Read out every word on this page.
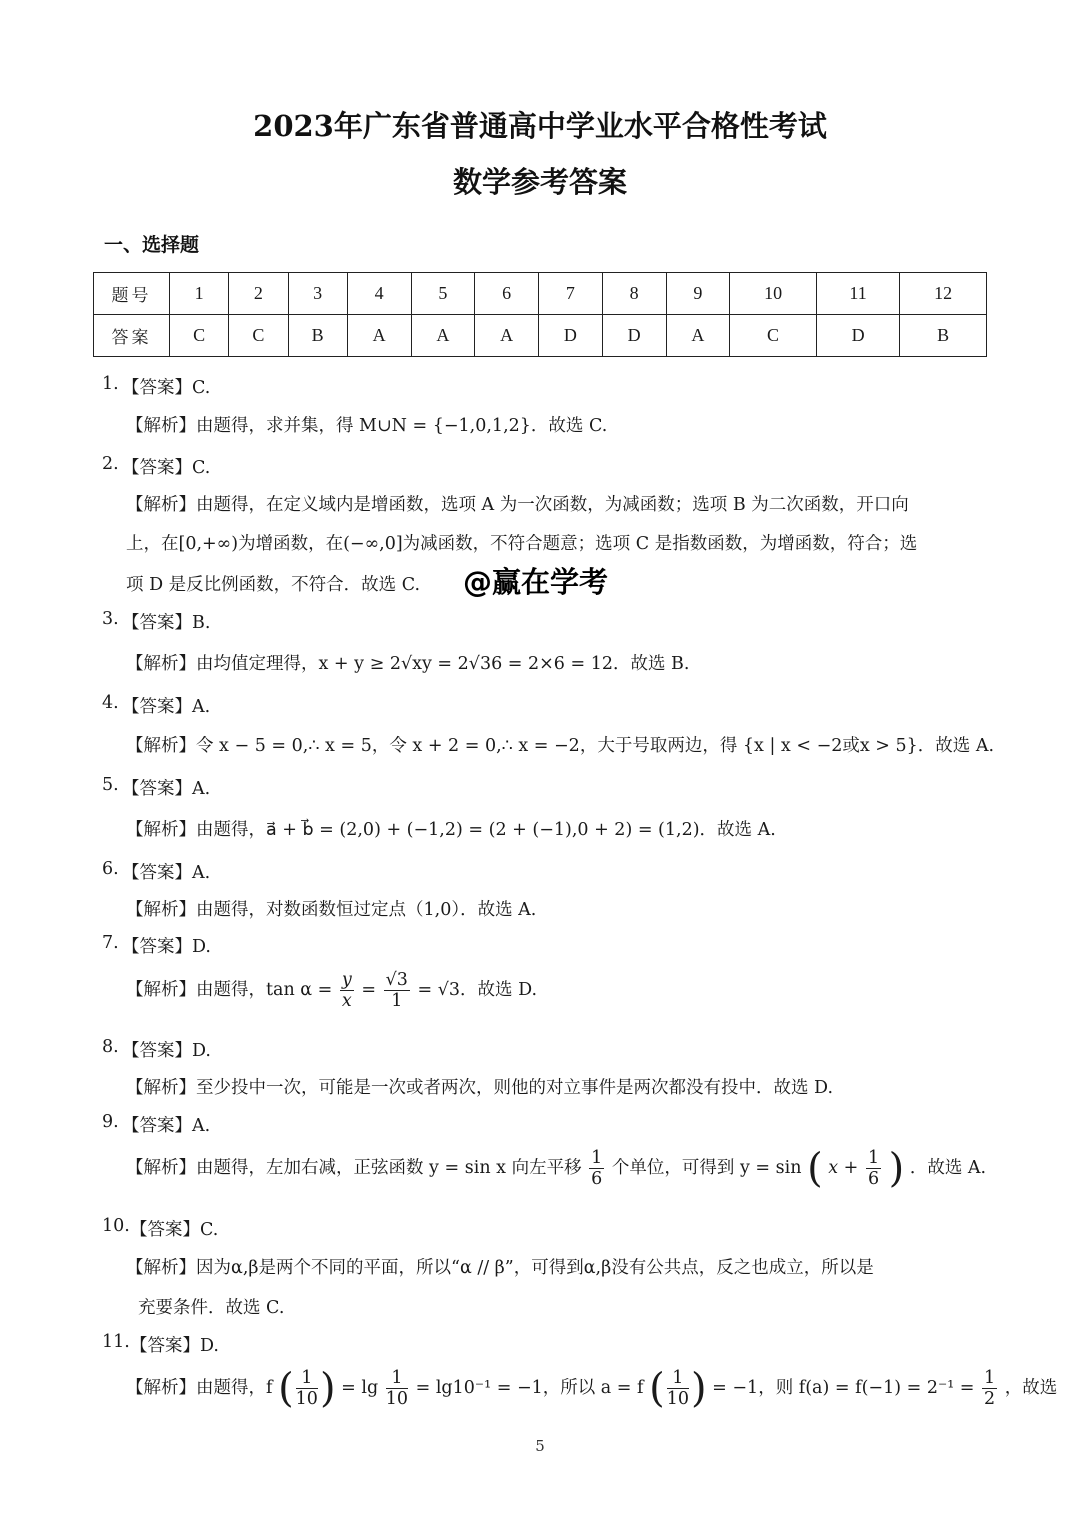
2023年广东省普通高中学业水平合格性考试
数学参考答案
一、选择题
题号	1	2	3	4	5	6	7	8	9	10	11	12
答案	C	C	B	A	A	A	D	D	A	C	D	B
1. 【答案】C.
【解析】由题得，求并集，得 M∪N = {−1,0,1,2}．故选 C.
2. 【答案】C.
【解析】由题得，在定义域内是增函数，选项 A 为一次函数，为减函数；选项 B 为二次函数，开口向
上，在[0,+∞)为增函数，在(−∞,0]为减函数，不符合题意；选项 C 是指数函数，为增函数，符合；选
项 D 是反比例函数，不符合．故选 C. @赢在学考
3. 【答案】B.
【解析】由均值定理得，x + y ≥ 2√xy = 2√36 = 2×6 = 12．故选 B.
4. 【答案】A.
【解析】令 x − 5 = 0,∴ x = 5，令 x + 2 = 0,∴ x = −2，大于号取两边，得 {x | x < −2或x > 5}．故选 A.
5. 【答案】A.
【解析】由题得，a⃗ + b⃗ = (2,0) + (−1,2) = (2 + (−1),0 + 2) = (1,2)．故选 A.
6. 【答案】A.
【解析】由题得，对数函数恒过定点（1,0）．故选 A.
7. 【答案】D.
【解析】由题得，$\tan \alpha = \frac{y}{x} = \frac{√3}{1} = √3$．故选 D.
8. 【答案】D.
【解析】至少投中一次，可能是一次或者两次，则他的对立事件是两次都没有投中．故选 D.
9. 【答案】A.
【解析】由题得，左加右减，正弦函数 y = sin x 向左平移 $\frac{1}{6}$ 个单位，可得到 y = sin ( $x + \frac{1}{6}$ ) ．故选 A.
10. 【答案】C.
【解析】因为α,β是两个不同的平面，所以“α // β”，可得到α,β没有公共点，反之也成立，所以是
充要条件．故选 C.
11. 【答案】D.
【解析】由题得，f ( $\frac{1}{10}$ ) = $\lg \frac{1}{10} = \lg 10^{-1} = -1$，所以 a = f ( $\frac{1}{10}$ ) = −1，则 $f(a) = f(-1) = 2^{-1} = \frac{1}{2}$ ，故选
5
